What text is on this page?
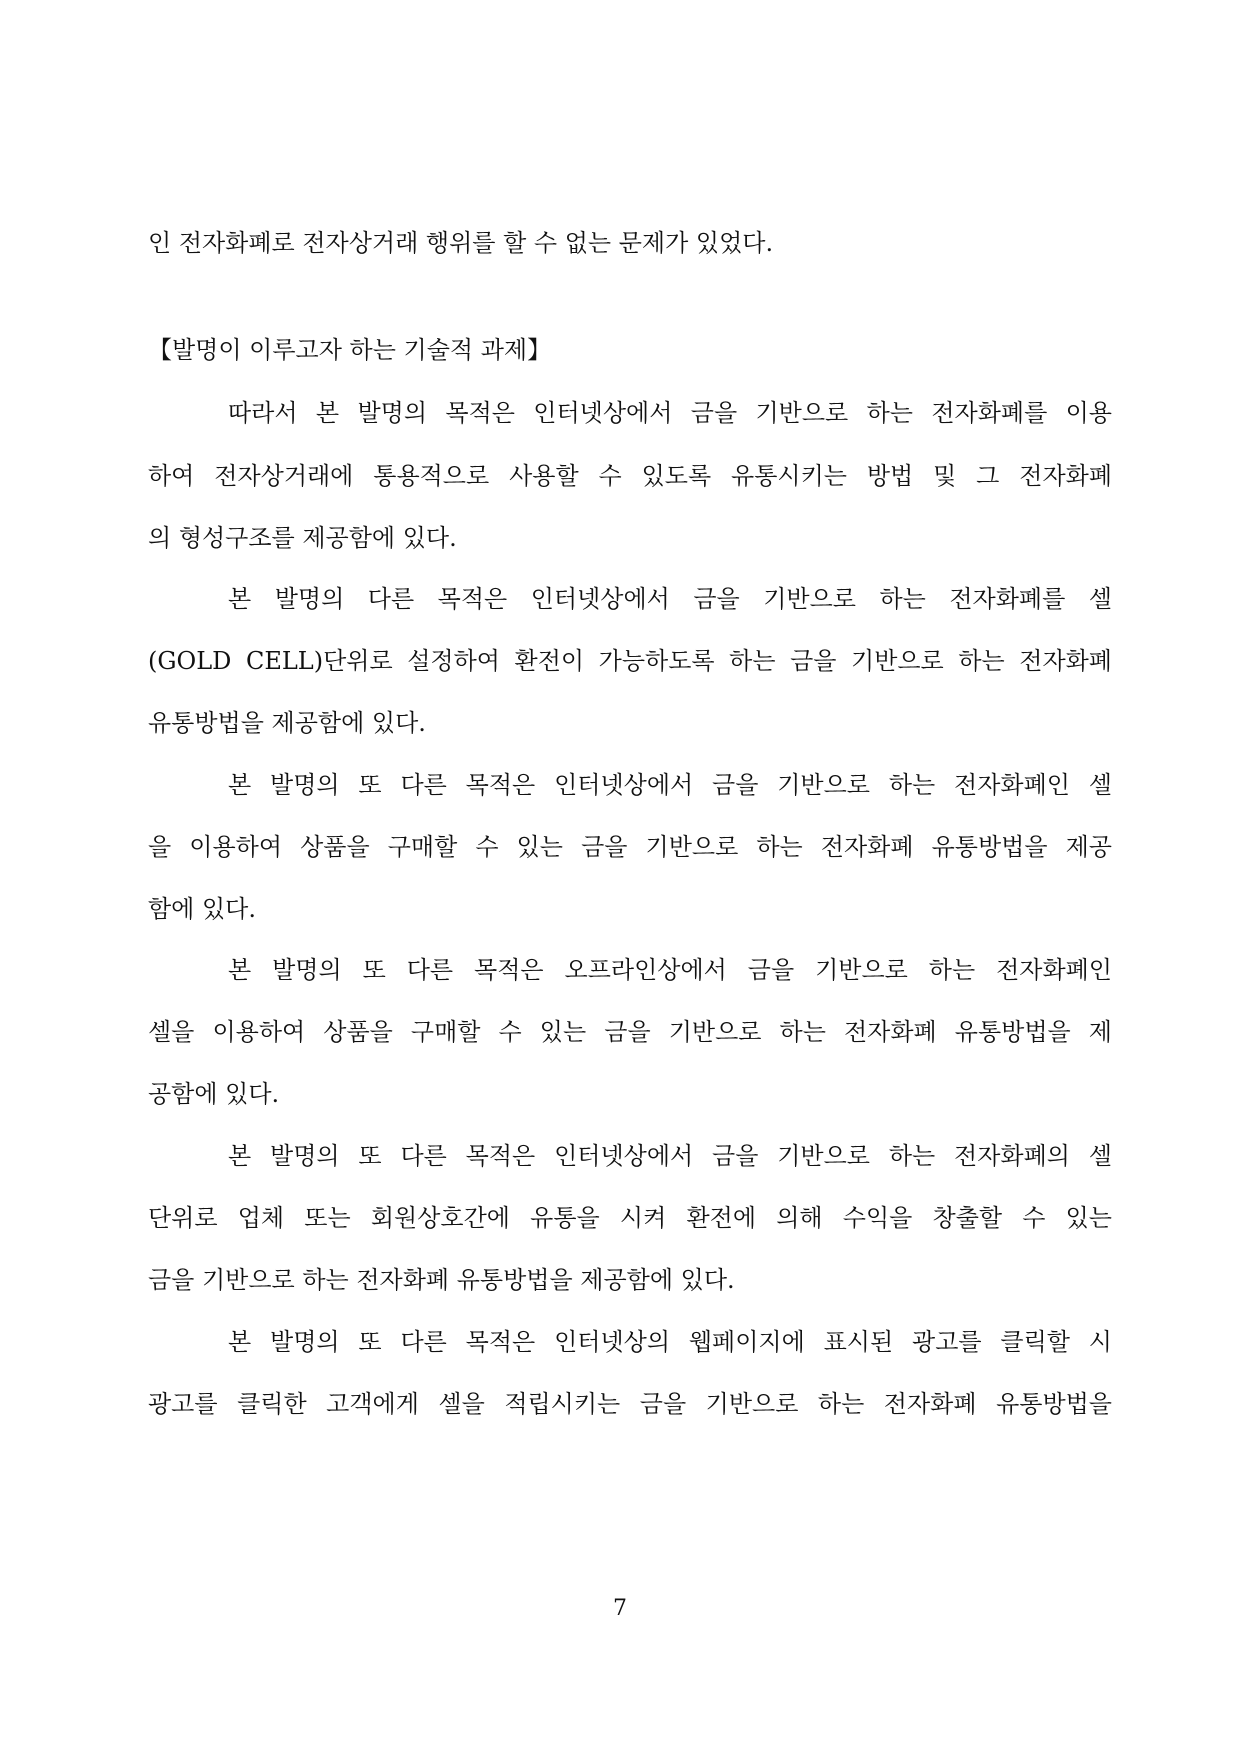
인 전자화폐로 전자상거래 행위를 할 수 없는 문제가 있었다.
【발명이 이루고자 하는 기술적 과제】
따라서 본 발명의 목적은 인터넷상에서 금을 기반으로 하는 전자화폐를 이용
하여 전자상거래에 통용적으로 사용할 수 있도록 유통시키는 방법 및 그 전자화폐
의 형성구조를 제공함에 있다.
본 발명의 다른 목적은 인터넷상에서 금을 기반으로 하는 전자화폐를 셀
(GOLD CELL)단위로 설정하여 환전이 가능하도록 하는 금을 기반으로 하는 전자화폐
유통방법을 제공함에 있다.
본 발명의 또 다른 목적은 인터넷상에서 금을 기반으로 하는 전자화폐인 셀
을 이용하여 상품을 구매할 수 있는 금을 기반으로 하는 전자화폐 유통방법을 제공
함에 있다.
본 발명의 또 다른 목적은 오프라인상에서 금을 기반으로 하는 전자화폐인
셀을 이용하여 상품을 구매할 수 있는 금을 기반으로 하는 전자화폐 유통방법을 제
공함에 있다.
본 발명의 또 다른 목적은 인터넷상에서 금을 기반으로 하는 전자화폐의 셀
단위로 업체 또는 회원상호간에 유통을 시켜 환전에 의해 수익을 창출할 수 있는
금을 기반으로 하는 전자화폐 유통방법을 제공함에 있다.
본 발명의 또 다른 목적은 인터넷상의 웹페이지에 표시된 광고를 클릭할 시
광고를 클릭한 고객에게 셀을 적립시키는 금을 기반으로 하는 전자화폐 유통방법을
7
